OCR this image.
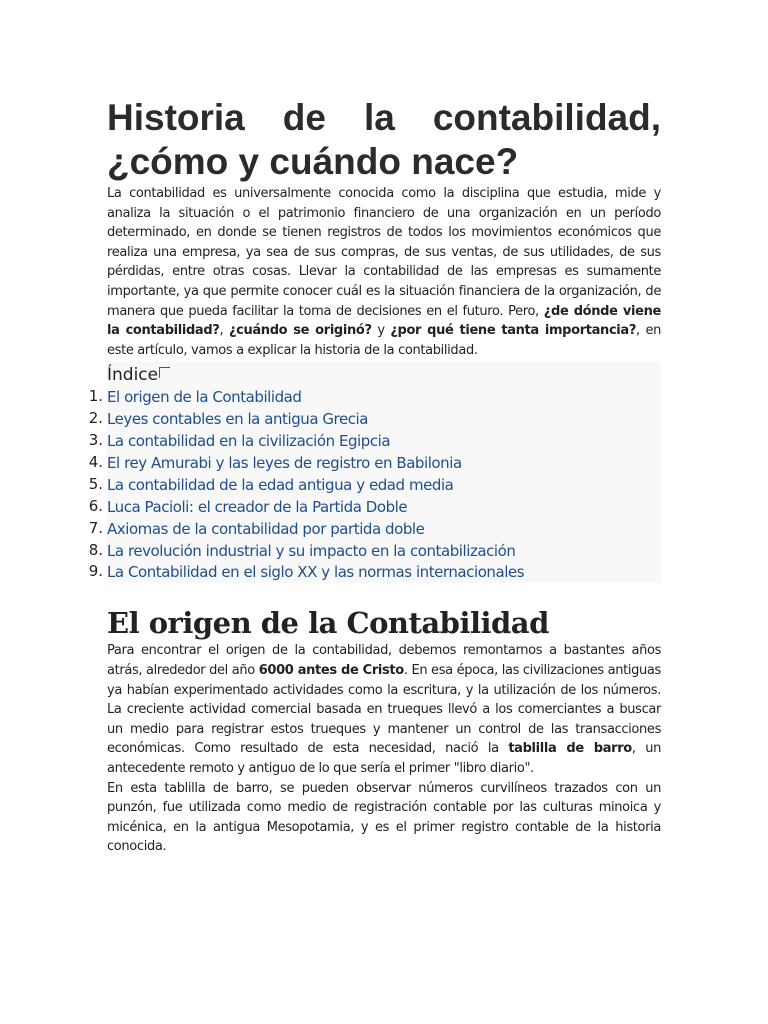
Historia de la contabilidad, ¿cómo y cuándo nace?

La contabilidad es universalmente conocida como la disciplina que estudia, mide y analiza la situación o el patrimonio financiero de una organización en un período determinado, en donde se tienen registros de todos los movimientos económicos que realiza una empresa, ya sea de sus compras, de sus ventas, de sus utilidades, de sus pérdidas, entre otras cosas. Llevar la contabilidad de las empresas es sumamente importante, ya que permite conocer cuál es la situación financiera de la organización, de manera que pueda facilitar la toma de decisiones en el futuro. Pero, ¿de dónde viene la contabilidad?, ¿cuándo se originó? y ¿por qué tiene tanta importancia?, en este artículo, vamos a explicar la historia de la contabilidad.

Índice
1. El origen de la Contabilidad
2. Leyes contables en la antigua Grecia
3. La contabilidad en la civilización Egipcia
4. El rey Amurabi y las leyes de registro en Babilonia
5. La contabilidad de la edad antigua y edad media
6. Luca Pacioli: el creador de la Partida Doble
7. Axiomas de la contabilidad por partida doble
8. La revolución industrial y su impacto en la contabilización
9. La Contabilidad en el siglo XX y las normas internacionales
El origen de la Contabilidad

Para encontrar el origen de la contabilidad, debemos remontarnos a bastantes años atrás, alrededor del año 6000 antes de Cristo. En esa época, las civilizaciones antiguas ya habían experimentado actividades como la escritura, y la utilización de los números. La creciente actividad comercial basada en trueques llevó a los comerciantes a buscar un medio para registrar estos trueques y mantener un control de las transacciones económicas. Como resultado de esta necesidad, nació la tablilla de barro, un antecedente remoto y antiguo de lo que sería el primer "libro diario".

En esta tablilla de barro, se pueden observar números curvilíneos trazados con un punzón, fue utilizada como medio de registración contable por las culturas minoica y micénica, en la antigua Mesopotamia, y es el primer registro contable de la historia conocida.
